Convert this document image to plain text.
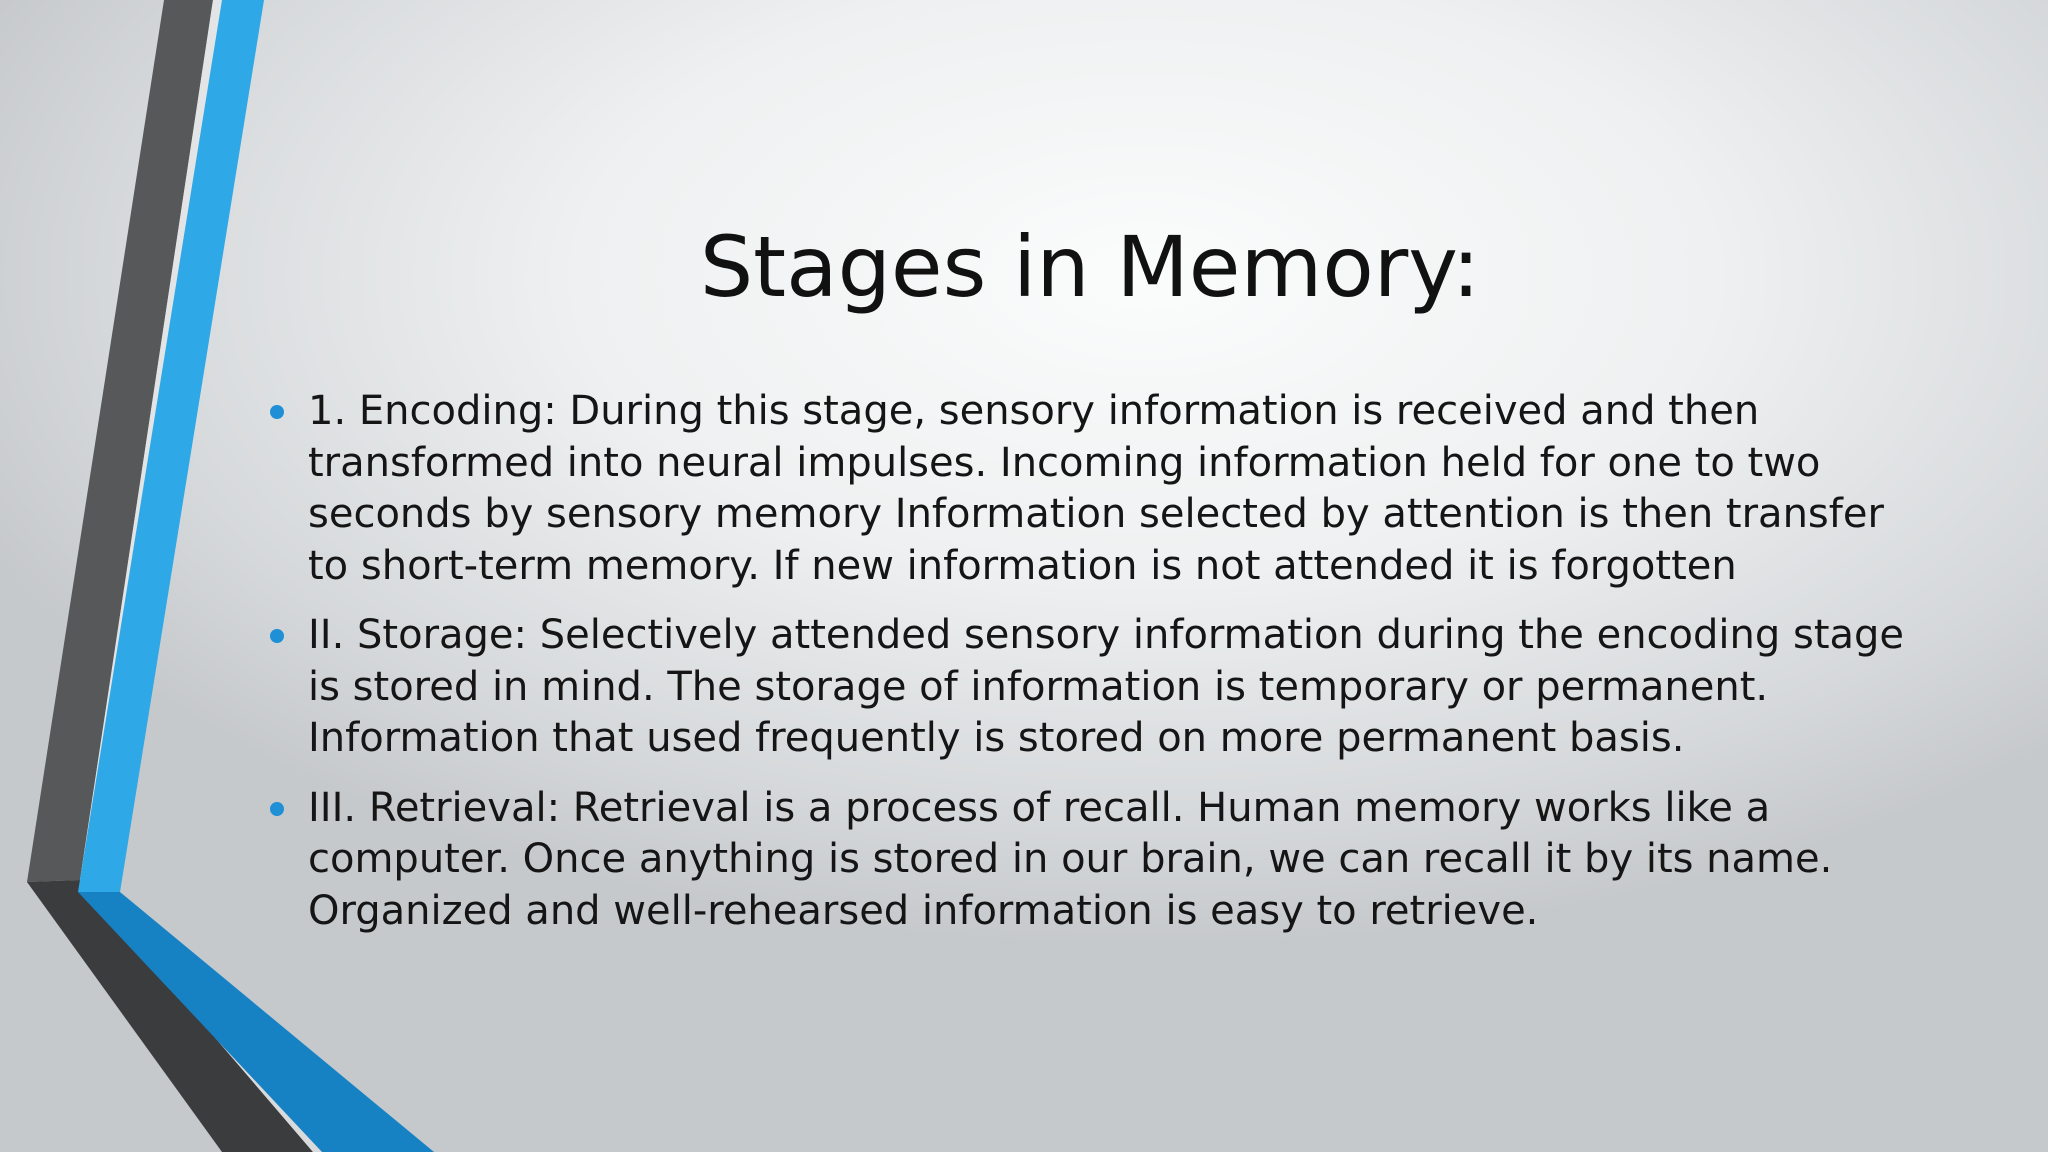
Stages in Memory:
1. Encoding: During this stage, sensory information is received and then transformed into neural impulses. Incoming information held for one to two seconds by sensory memory Information selected by attention is then transfer to short-term memory. If new information is not attended it is forgotten
II. Storage: Selectively attended sensory information during the encoding stage is stored in mind. The storage of information is temporary or permanent. Information that used frequently is stored on more permanent basis.
III. Retrieval: Retrieval is a process of recall. Human memory works like a computer. Once anything is stored in our brain, we can recall it by its name. Organized and well-rehearsed information is easy to retrieve.
